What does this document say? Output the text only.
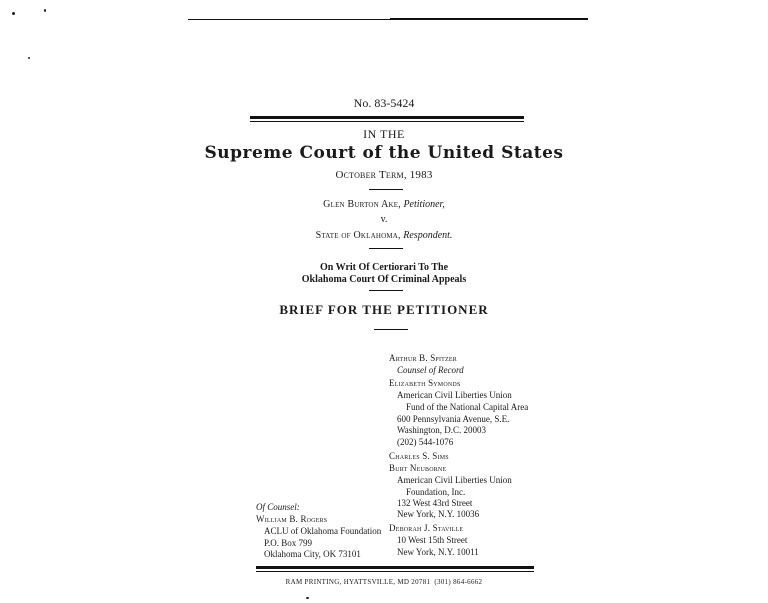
No. 83-5424
IN THE
Supreme Court of the United States
October Term, 1983
Glen Burton Ake, Petitioner,
v.
State of Oklahoma, Respondent.
On Writ Of Certiorari To The
Oklahoma Court Of Criminal Appeals
BRIEF FOR THE PETITIONER
Arthur B. Spitzer
Counsel of Record
Elizabeth Symonds
American Civil Liberties Union
Fund of the National Capital Area
600 Pennsylvania Avenue, S.E.
Washington, D.C. 20003
(202) 544-1076
Charles S. Sims
Burt Neuborne
American Civil Liberties Union
Foundation, Inc.
132 West 43rd Street
New York, N.Y. 10036
Deborah J. Staville
10 West 15th Street
New York, N.Y. 10011
Of Counsel:
William B. Rogers
ACLU of Oklahoma Foundation
P.O. Box 799
Oklahoma City, OK 73101
RAM PRINTING, HYATTSVILLE, MD 20781  (301) 864-6662
